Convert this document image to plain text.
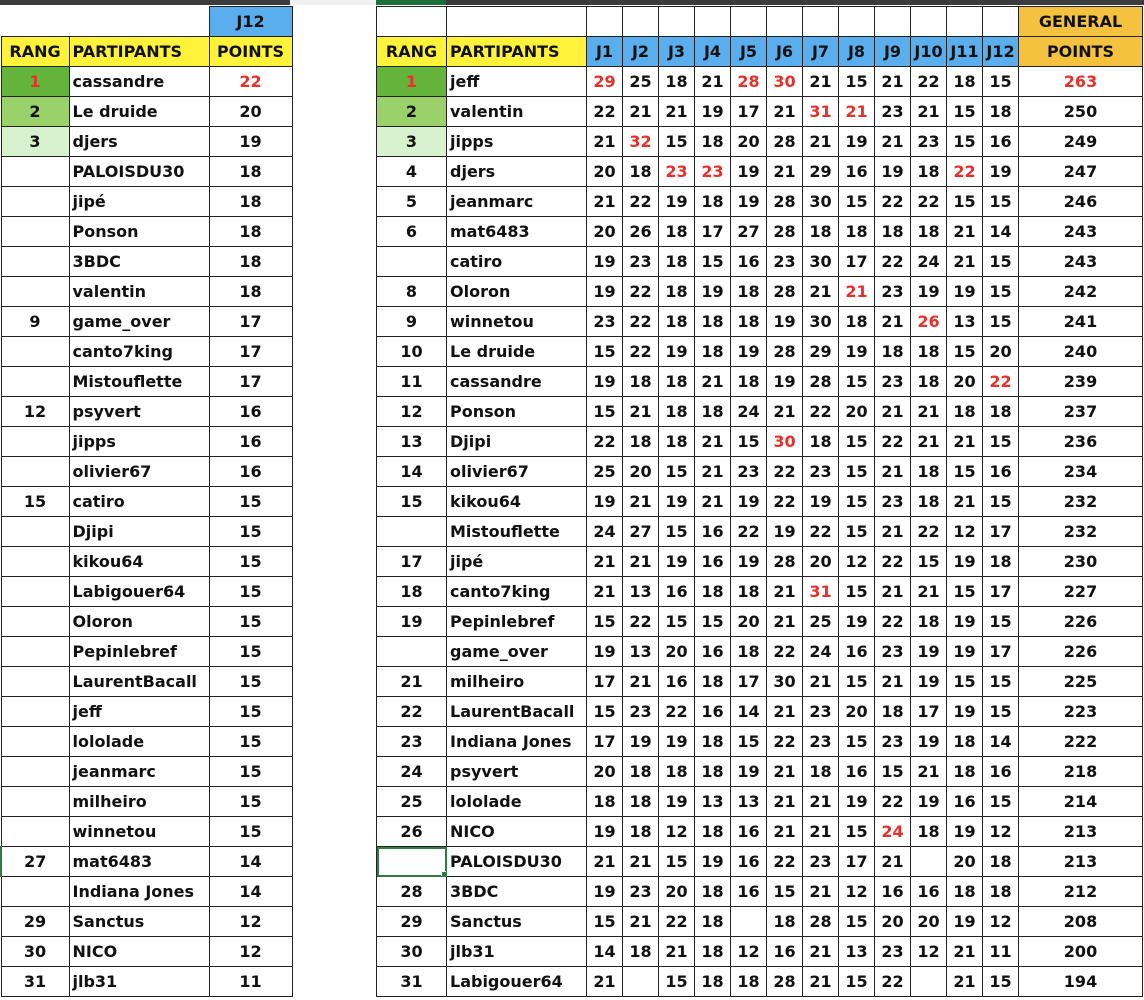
		J12
RANG	PARTIPANTS	POINTS
1	cassandre	22
2	Le druide	20
3	djers	19
	PALOISDU30	18
	jipé	18
	Ponson	18
	3BDC	18
	valentin	18
9	game_over	17
	canto7king	17
	Mistouflette	17
12	psyvert	16
	jipps	16
	olivier67	16
15	catiro	15
	Djipi	15
	kikou64	15
	Labigouer64	15
	Oloron	15
	Pepinlebref	15
	LaurentBacall	15
	jeff	15
	lololade	15
	jeanmarc	15
	milheiro	15
	winnetou	15
27	mat6483	14
	Indiana Jones	14
29	Sanctus	12
30	NICO	12
31	jlb31	11
														GENERAL
RANG	PARTIPANTS	J1	J2	J3	J4	J5	J6	J7	J8	J9	J10	J11	J12	POINTS
1	jeff	29	25	18	21	28	30	21	15	21	22	18	15	263
2	valentin	22	21	21	19	17	21	31	21	23	21	15	18	250
3	jipps	21	32	15	18	20	28	21	19	21	23	15	16	249
4	djers	20	18	23	23	19	21	29	16	19	18	22	19	247
5	jeanmarc	21	22	19	18	19	28	30	15	22	22	15	15	246
6	mat6483	20	26	18	17	27	28	18	18	18	18	21	14	243
	catiro	19	23	18	15	16	23	30	17	22	24	21	15	243
8	Oloron	19	22	18	19	18	28	21	21	23	19	19	15	242
9	winnetou	23	22	18	18	18	19	30	18	21	26	13	15	241
10	Le druide	15	22	19	18	19	28	29	19	18	18	15	20	240
11	cassandre	19	18	18	21	18	19	28	15	23	18	20	22	239
12	Ponson	15	21	18	18	24	21	22	20	21	21	18	18	237
13	Djipi	22	18	18	21	15	30	18	15	22	21	21	15	236
14	olivier67	25	20	15	21	23	22	23	15	21	18	15	16	234
15	kikou64	19	21	19	21	19	22	19	15	23	18	21	15	232
	Mistouflette	24	27	15	16	22	19	22	15	21	22	12	17	232
17	jipé	21	21	19	16	19	28	20	12	22	15	19	18	230
18	canto7king	21	13	16	18	18	21	31	15	21	21	15	17	227
19	Pepinlebref	15	22	15	15	20	21	25	19	22	18	19	15	226
	game_over	19	13	20	16	18	22	24	16	23	19	19	17	226
21	milheiro	17	21	16	18	17	30	21	15	21	19	15	15	225
22	LaurentBacall	15	23	22	16	14	21	23	20	18	17	19	15	223
23	Indiana Jones	17	19	19	18	15	22	23	15	23	19	18	14	222
24	psyvert	20	18	18	18	19	21	18	16	15	21	18	16	218
25	lololade	18	18	19	13	13	21	21	19	22	19	16	15	214
26	NICO	19	18	12	18	16	21	21	15	24	18	19	12	213

	PALOISDU30	21	21	15	19	16	22	23	17	21		20	18	213
28	3BDC	19	23	20	18	16	15	21	12	16	16	18	18	212
29	Sanctus	15	21	22	18		18	28	15	20	20	19	12	208
30	jlb31	14	18	21	18	12	16	21	13	23	12	21	11	200
31	Labigouer64	21		15	18	18	28	21	15	22		21	15	194
